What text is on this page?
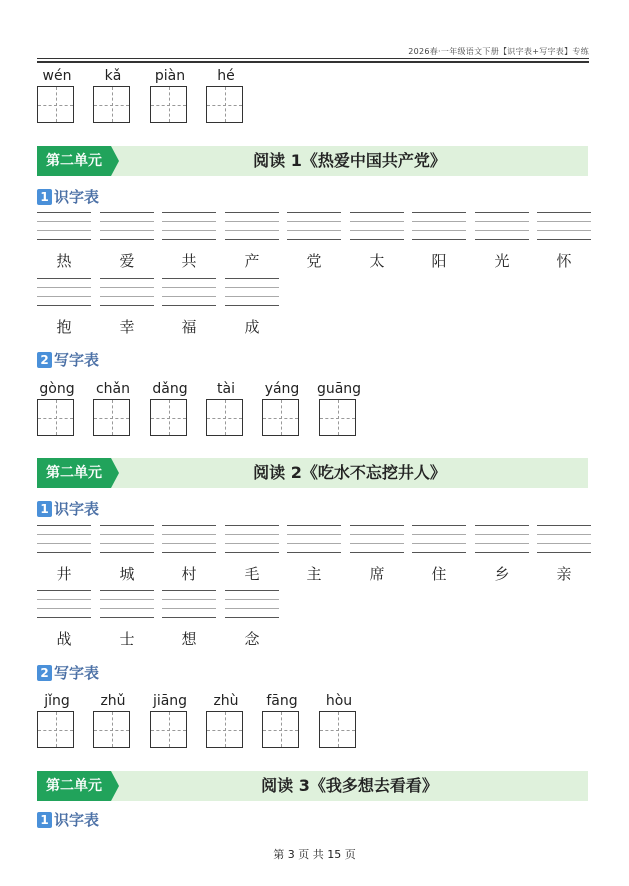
2026春·一年级语文下册【识字表+写字表】专练
wén	kǎ	piàn	hé
第二单元	阅读 1《热爱中国共产党》
1 识字表
热	爱	共	产	党	太	阳	光	怀
抱	幸	福	成
2 写字表
gòng	chǎn	dǎng	tài	yáng	guāng
第二单元	阅读 2《吃水不忘挖井人》
1 识字表
井	城	村	毛	主	席	住	乡	亲
战	士	想	念
2 写字表
jǐng	zhǔ	jiāng	zhù	fāng	hòu
第二单元	阅读 3《我多想去看看》
1 识字表
第 3 页 共 15 页
